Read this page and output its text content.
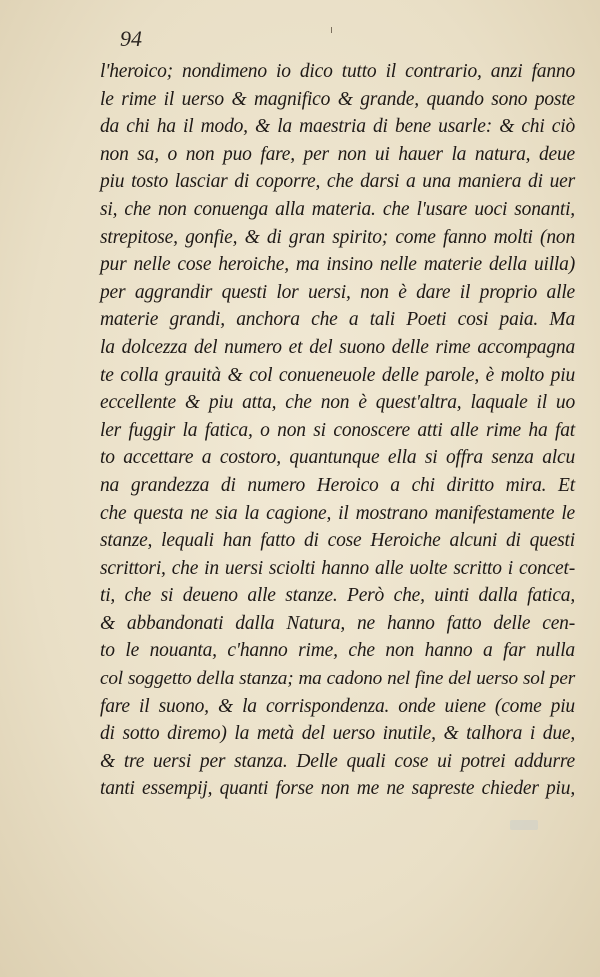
94
l'heroico; nondimeno io dico tutto il contrario, anzi fanno
le rime il uerso & magnifico & grande, quando sono poste
da chi ha il modo, & la maestria di bene usarle: & chi ciò
non sa, o non puo fare, per non ui hauer la natura, deue
piu tosto lasciar di coporre, che darsi a una maniera di uer
si, che non conuenga alla materia. che l'usare uoci sonanti,
strepitose, gonfie, & di gran spirito; come fanno molti (non
pur nelle cose heroiche, ma insino nelle materie della uilla)
per aggrandir questi lor uersi, non è dare il proprio alle
materie grandi, anchora che a tali Poeti cosi paia. Ma
la dolcezza del numero et del suono delle rime accompagna
te colla grauità & col conueneuole delle parole, è molto piu
eccellente & piu atta, che non è quest'altra, laquale il uo
ler fuggir la fatica, o non si conoscere atti alle rime ha fat
to accettare a costoro, quantunque ella si offra senza alcu
na grandezza di numero Heroico a chi diritto mira. Et
che questa ne sia la cagione, il mostrano manifestamente le
stanze, lequali han fatto di cose Heroiche alcuni di questi
scrittori, che in uersi sciolti hanno alle uolte scritto i concet-
ti, che si deueno alle stanze. Però che, uinti dalla fatica,
& abbandonati dalla Natura, ne hanno fatto delle cen-
to le nouanta, c'hanno rime, che non hanno a far nulla
col soggetto della stanza; ma cadono nel fine del uerso sol per
fare il suono, & la corrispondenza. onde uiene (come piu
di sotto diremo) la metà del uerso inutile, & talhora i due,
& tre uersi per stanza. Delle quali cose ui potrei addurre
tanti essempij, quanti forse non me ne sapreste chieder piu,
